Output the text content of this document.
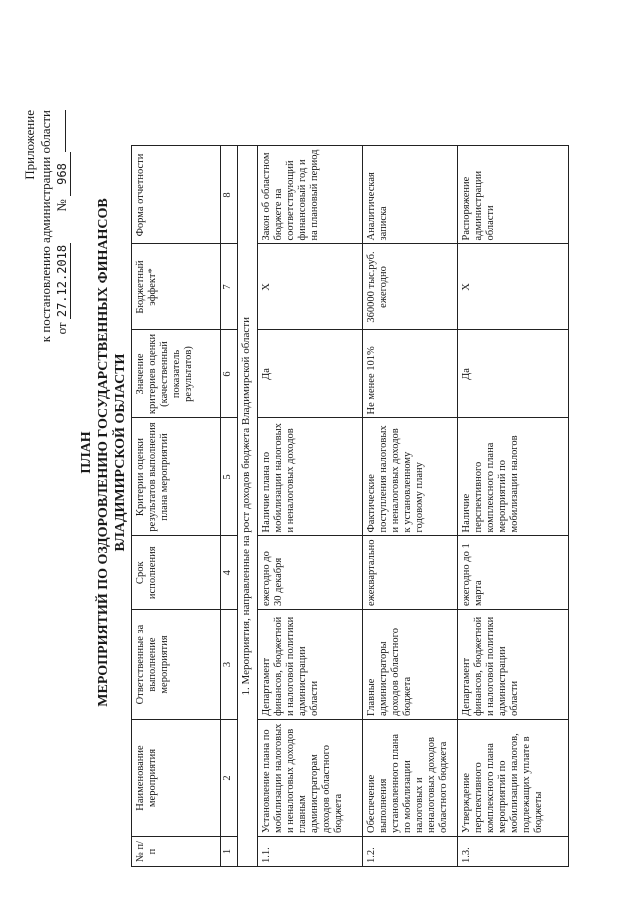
Приложение к постановлению администрации области от 27.12.2018 № 968
ПЛАН МЕРОПРИЯТИЙ ПО ОЗДОРОВЛЕНИЮ ГОСУДАРСТВЕННЫХ ФИНАНСОВ ВЛАДИМИРСКОЙ ОБЛАСТИ
№ п/п	Наименование мероприятия	Ответственные за выполнение мероприятия	Срок исполнения	Критерии оценки результатов выполнения плана мероприятий	Значение критериев оценки (качественный показатель результатов)	Бюджетный эффект*	Форма отчетности
1	2	3	4	5	6	7	8
1. Мероприятия, направленные на рост доходов бюджета Владимирской области							
1.1.	Установление плана по мобилизации налоговых и неналоговых доходов главным администраторам доходов областного бюджета	Департамент финансов, бюджетной и налоговой политики администрации области	ежегодно до 30 декабря	Наличие плана по мобилизации налоговых и неналоговых доходов	Да	Х	Закон об областном бюджете на соответствующий финансовый год и на плановый период
1.2.	Обеспечение выполнения установленного плана по мобилизации налоговых и неналоговых доходов областного бюджета	Главные администраторы доходов областного бюджета	ежеквартально	Фактические поступления налоговых и неналоговых доходов к установленному годовому плану	Не менее 101%	360000 тыс.руб. ежегодно	Аналитическая записка
1.3.	Утверждение перспективного комплексного плана мероприятий по мобилизации налогов, подлежащих уплате в бюджеты	Департамент финансов, бюджетной и налоговой политики администрации области	ежегодно до 1 марта	Наличие перспективного комплексного плана мероприятий по мобилизации налогов	Да	Х	Распоряжение администрации области
